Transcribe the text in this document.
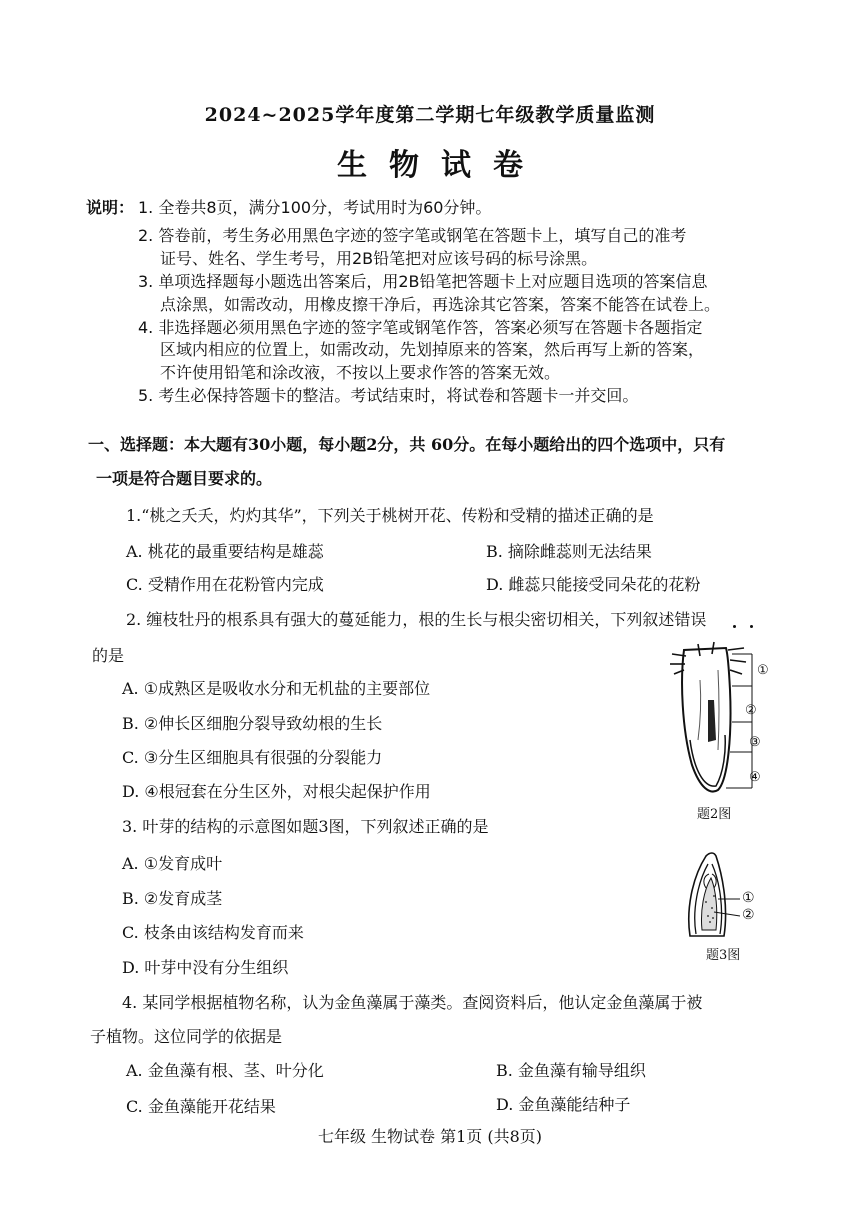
2024~2025学年度第二学期七年级教学质量监测
生物试卷
说明： 1. 全卷共8页，满分100分，考试用时为60分钟。
2. 答卷前，考生务必用黑色字迹的签字笔或钢笔在答题卡上，填写自己的准考
证号、姓名、学生考号，用2B铅笔把对应该号码的标号涂黑。
3. 单项选择题每小题选出答案后，用2B铅笔把答题卡上对应题目选项的答案信息
点涂黑，如需改动，用橡皮擦干净后，再选涂其它答案，答案不能答在试卷上。
4. 非选择题必须用黑色字迹的签字笔或钢笔作答，答案必须写在答题卡各题指定
区域内相应的位置上，如需改动，先划掉原来的答案，然后再写上新的答案，
不许使用铅笔和涂改液，不按以上要求作答的答案无效。
5. 考生必保持答题卡的整洁。考试结束时，将试卷和答题卡一并交回。
一、选择题：本大题有30小题，每小题2分，共 60分。在每小题给出的四个选项中，只有
一项是符合题目要求的。
1.“桃之夭夭，灼灼其华”，下列关于桃树开花、传粉和受精的描述正确的是
A. 桃花的最重要结构是雄蕊	B. 摘除雌蕊则无法结果
C. 受精作用在花粉管内完成	D. 雌蕊只能接受同朵花的花粉
2. 缠枝牡丹的根系具有强大的蔓延能力，根的生长与根尖密切相关，下列叙述错误
的是
A. ①成熟区是吸收水分和无机盐的主要部位
B. ②伸长区细胞分裂导致幼根的生长
C. ③分生区细胞具有很强的分裂能力
D. ④根冠套在分生区外，对根尖起保护作用
①
②
③
④
题2图
3. 叶芽的结构的示意图如题3图，下列叙述正确的是
A. ①发育成叶
B. ②发育成茎
C. 枝条由该结构发育而来
D. 叶芽中没有分生组织
①
②
题3图
4. 某同学根据植物名称，认为金鱼藻属于藻类。查阅资料后，他认定金鱼藻属于被
子植物。这位同学的依据是
A. 金鱼藻有根、茎、叶分化	B. 金鱼藻有输导组织
C. 金鱼藻能开花结果	D. 金鱼藻能结种子
七年级 生物试卷 第1页 (共8页)
